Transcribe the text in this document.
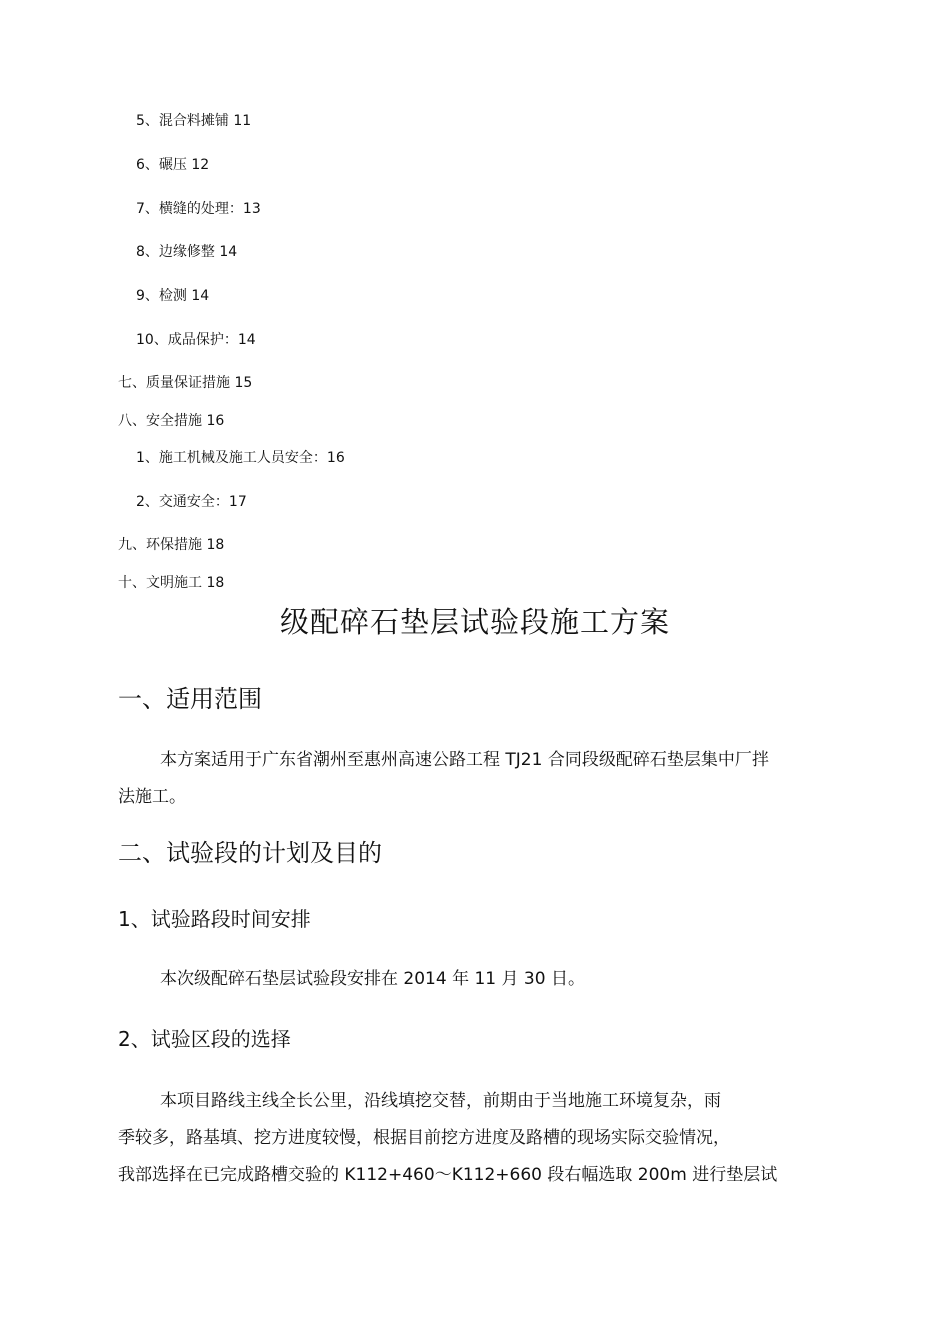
5、混合料摊铺 11
6、碾压 12
7、横缝的处理：13
8、边缘修整 14
9、检测 14
10、成品保护：14
七、质量保证措施 15
八、安全措施 16
1、施工机械及施工人员安全：16
2、交通安全：17
九、环保措施 18
十、文明施工 18
级配碎石垫层试验段施工方案
一、适用范围
本方案适用于广东省潮州至惠州高速公路工程 TJ21 合同段级配碎石垫层集中厂拌
法施工。
二、试验段的计划及目的
1、试验路段时间安排
本次级配碎石垫层试验段安排在 2014 年 11 月 30 日。
2、试验区段的选择
本项目路线主线全长公里，沿线填挖交替，前期由于当地施工环境复杂，雨
季较多，路基填、挖方进度较慢，根据目前挖方进度及路槽的现场实际交验情况，
我部选择在已完成路槽交验的 K112+460～K112+660 段右幅选取 200m 进行垫层试
